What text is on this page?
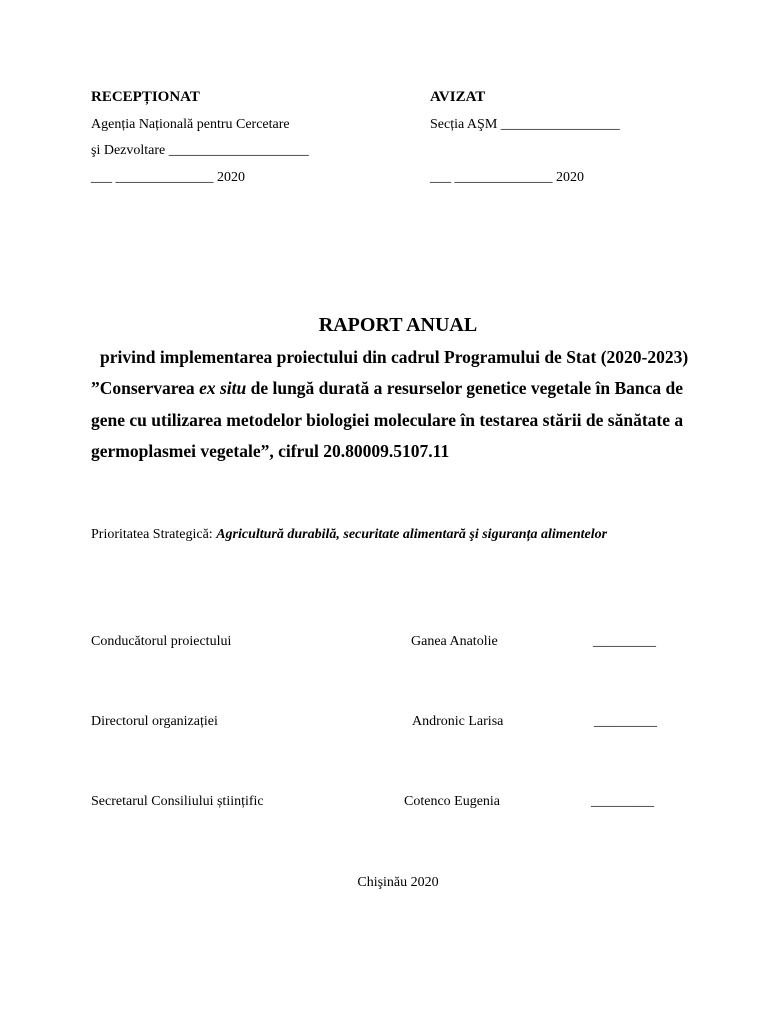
RECEPȚIONAT
Agenția Națională pentru Cercetare
şi Dezvoltare ____________________
___ ______________ 2020
AVIZAT
Secția AŞM _________________
___ ______________ 2020
RAPORT ANUAL
privind implementarea proiectului din cadrul Programului de Stat (2020-2023)
”Conservarea ex situ de lungă durată a resurselor genetice vegetale în Banca de
gene cu utilizarea metodelor biologiei moleculare în testarea stării de sănătate a
germoplasmei vegetale”, cifrul 20.80009.5107.11
Prioritatea Strategică: Agricultură durabilă, securitate alimentară şi siguranța alimentelor
Conducătorul proiectului	Ganea Anatolie	_________
Directorul organizației	Andronic Larisa	_________
Secretarul Consiliului științific	Cotenco Eugenia	_________
Chişinău 2020
